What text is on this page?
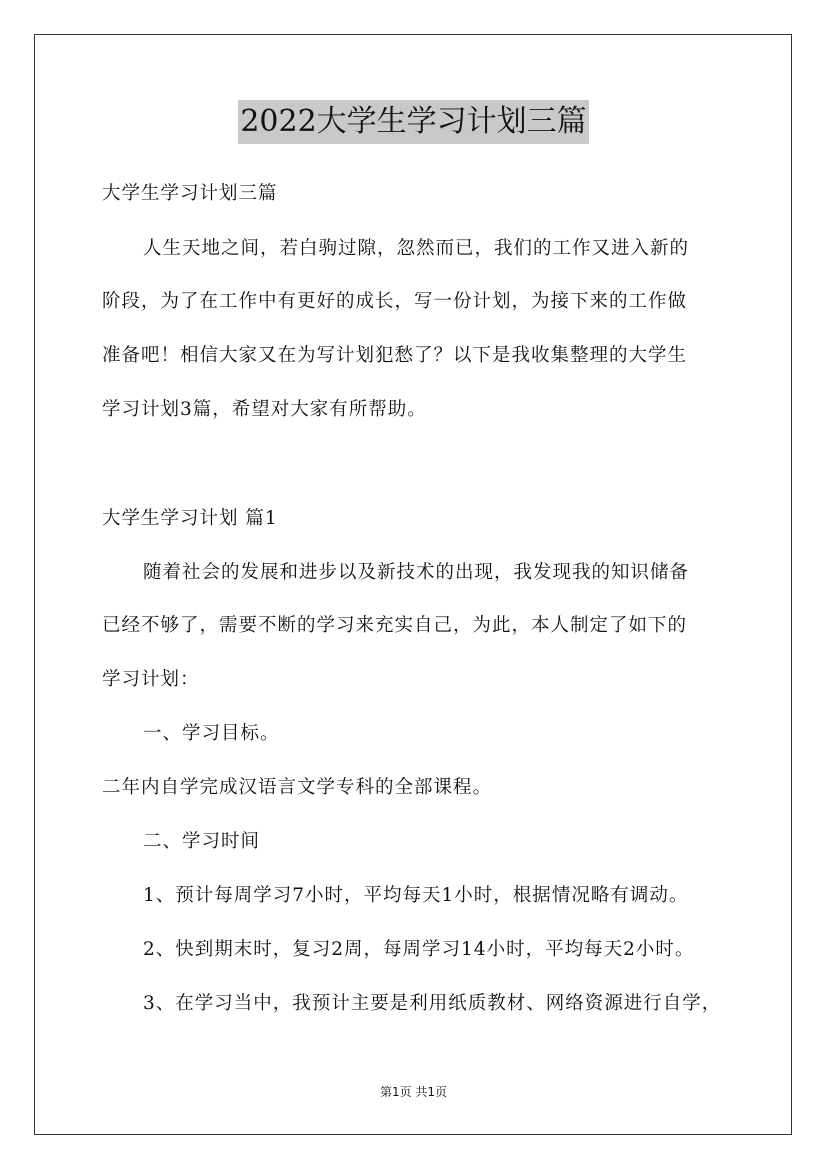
2022大学生学习计划三篇
大学生学习计划三篇
人生天地之间，若白驹过隙，忽然而已，我们的工作又进入新的
阶段，为了在工作中有更好的成长，写一份计划，为接下来的工作做
准备吧！相信大家又在为写计划犯愁了？以下是我收集整理的大学生
学习计划3篇，希望对大家有所帮助。
大学生学习计划 篇1
随着社会的发展和进步以及新技术的出现，我发现我的知识储备
已经不够了，需要不断的学习来充实自己，为此，本人制定了如下的
学习计划：
一、学习目标。
二年内自学完成汉语言文学专科的全部课程。
二、学习时间
1、预计每周学习7小时，平均每天1小时，根据情况略有调动。
2、快到期末时，复习2周，每周学习14小时，平均每天2小时。
3、在学习当中，我预计主要是利用纸质教材、网络资源进行自学，
第1页 共1页
